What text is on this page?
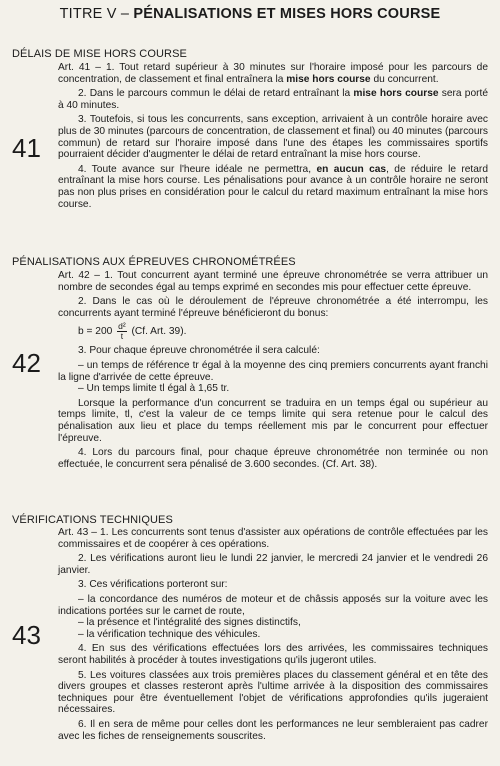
TITRE V – PÉNALISATIONS ET MISES HORS COURSE
DÉLAIS DE MISE HORS COURSE
41

Art. 41 – 1. Tout retard supérieur à 30 minutes sur l'horaire imposé pour les parcours de concentration, de classement et final entraînera la mise hors course du concurrent.

2. Dans le parcours commun le délai de retard entraînant la mise hors course sera porté à 40 minutes.

3. Toutefois, si tous les concurrents, sans exception, arrivaient à un contrôle horaire avec plus de 30 minutes (parcours de concentration, de classement et final) ou 40 minutes (parcours commun) de retard sur l'horaire imposé dans l'une des étapes les commissaires sportifs pourraient décider d'augmenter le délai de retard entraînant la mise hors course.

4. Toute avance sur l'heure idéale ne permettra, en aucun cas, de réduire le retard entraînant la mise hors course. Les pénalisations pour avance à un contrôle horaire ne seront pas non plus prises en considération pour le calcul du retard maximum entraînant la mise hors course.

PÉNALISATIONS AUX ÉPREUVES CHRONOMÉTRÉES
42

Art. 42 – 1. Tout concurrent ayant terminé une épreuve chronométrée se verra attribuer un nombre de secondes égal au temps exprimé en secondes mis pour effectuer cette épreuve.

2. Dans le cas où le déroulement de l'épreuve chronométrée a été interrompu, les concurrents ayant terminé l'épreuve bénéficieront du bonus:

$b = 200 \frac{\text{d²}}{t} (Cf$. Art. 39).

3. Pour chaque épreuve chronométrée il sera calculé:

– un temps de référence tr égal à la moyenne des cinq premiers concurrents ayant franchi la ligne d'arrivée de cette épreuve.

– Un temps limite tl égal à 1,65 tr.

Lorsque la performance d'un concurrent se traduira en un temps égal ou supérieur au temps limite, tl, c'est la valeur de ce temps limite qui sera retenue pour le calcul des pénalisation aux lieu et place du temps réellement mis par le concurrent pour effectuer l'épreuve.

4. Lors du parcours final, pour chaque épreuve chronométrée non terminée ou non effectuée, le concurrent sera pénalisé de 3.600 secondes. (Cf. Art. 38).

VÉRIFICATIONS TECHNIQUES
43

Art. 43 – 1. Les concurrents sont tenus d'assister aux opérations de contrôle effectuées par les commissaires et de coopérer à ces opérations.

2. Les vérifications auront lieu le lundi 22 janvier, le mercredi 24 janvier et le vendredi 26 janvier.

3. Ces vérifications porteront sur:

– la concordance des numéros de moteur et de châssis apposés sur la voiture avec les indications portées sur le carnet de route,

– la présence et l'intégralité des signes distinctifs,

– la vérification technique des véhicules.

4. En sus des vérifications effectuées lors des arrivées, les commissaires techniques seront habilités à procéder à toutes investigations qu'ils jugeront utiles.

5. Les voitures classées aux trois premières places du classement général et en tête des divers groupes et classes resteront après l'ultime arrivée à la disposition des commissaires techniques pour être éventuellement l'objet de vérifications approfondies qu'ils jugeraient nécessaires.

6. Il en sera de même pour celles dont les performances ne leur sembleraient pas cadrer avec les fiches de renseignements souscrites.
